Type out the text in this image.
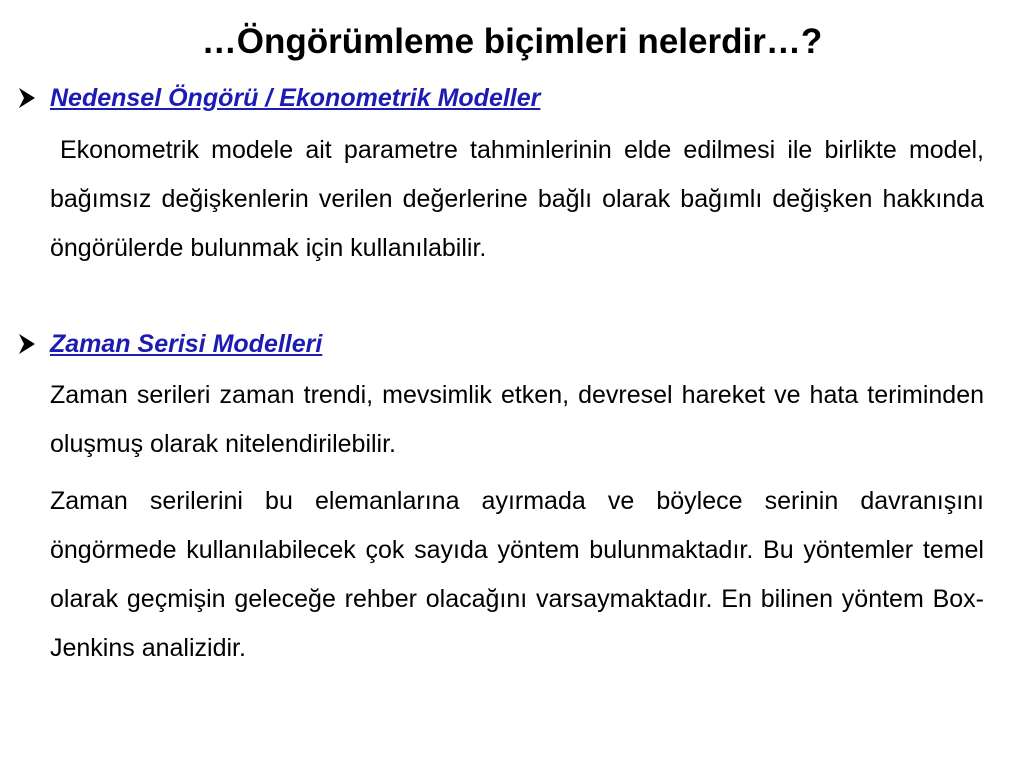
…Öngörümleme biçimleri nelerdir…?
Nedensel Öngörü / Ekonometrik Modeller
Ekonometrik modele ait parametre tahminlerinin elde edilmesi ile birlikte model, bağımsız değişkenlerin verilen değerlerine bağlı olarak bağımlı değişken hakkında öngörülerde bulunmak için kullanılabilir.
Zaman Serisi Modelleri
Zaman serileri zaman trendi, mevsimlik etken, devresel hareket ve hata teriminden oluşmuş olarak nitelendirilebilir.
Zaman serilerini bu elemanlarına ayırmada ve böylece serinin davranışını öngörmede kullanılabilecek çok sayıda yöntem bulunmaktadır. Bu yöntemler temel olarak geçmişin geleceğe rehber olacağını varsaymaktadır. En bilinen yöntem Box-Jenkins analizidir.
